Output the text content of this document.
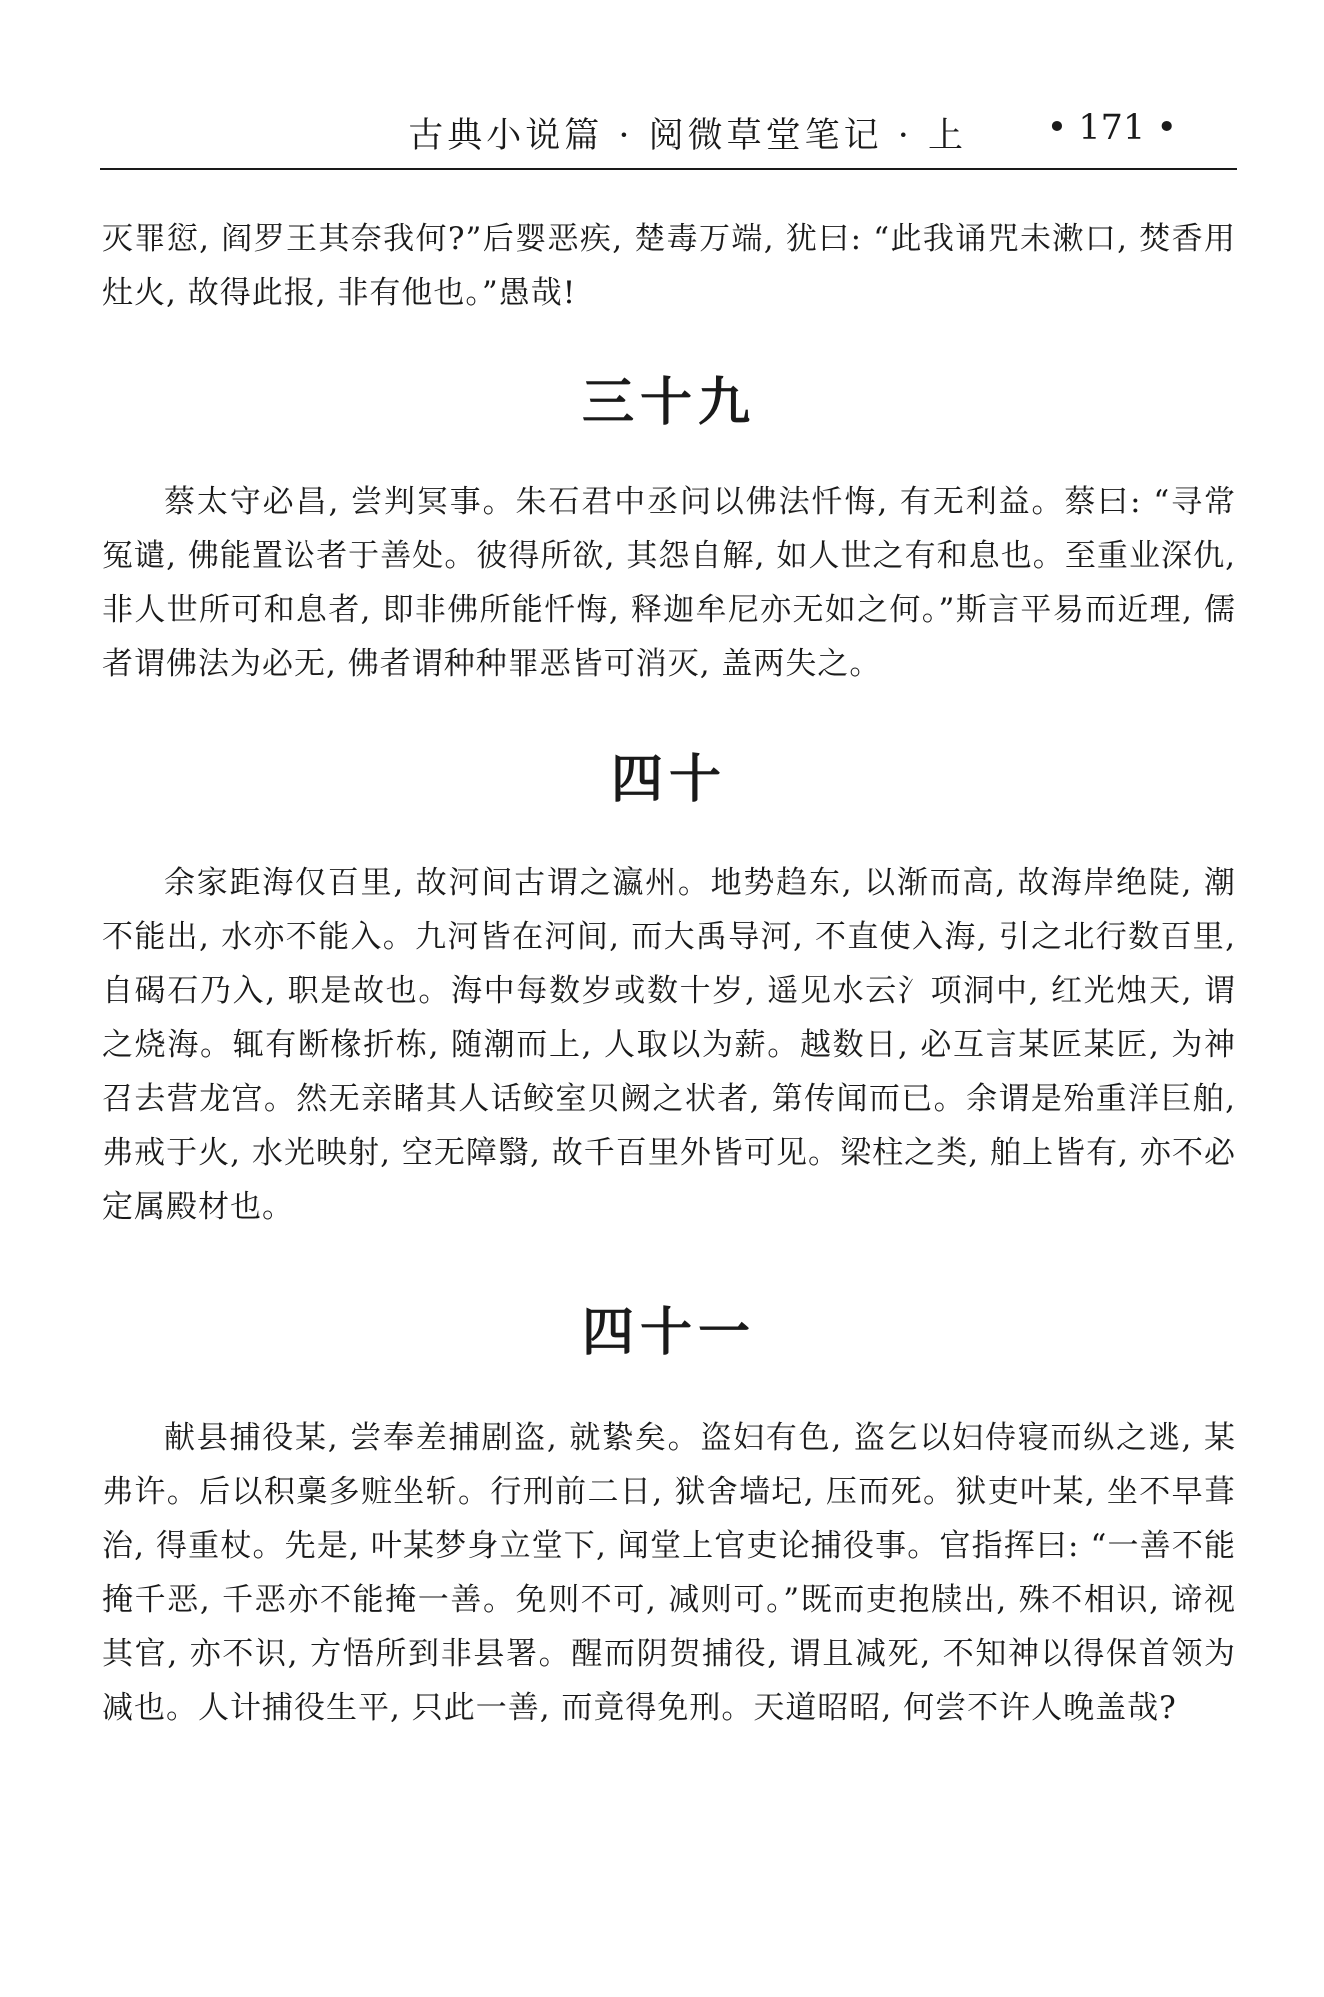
古典小说篇 · 阅微草堂笔记 · 上 • 171 •

灭罪愆, 阎罗王其奈我何?”后婴恶疾, 楚毒万端, 犹曰: “此我诵咒未漱口, 焚香用灶火, 故得此报, 非有他也。”愚哉!

三十九

蔡太守必昌, 尝判冥事。朱石君中丞问以佛法忏悔, 有无利益。蔡曰: “寻常冤谴, 佛能置讼者于善处。彼得所欲, 其怨自解, 如人世之有和息也。至重业深仇, 非人世所可和息者, 即非佛所能忏悔, 释迦牟尼亦无如之何。”斯言平易而近理, 儒者谓佛法为必无, 佛者谓种种罪恶皆可消灭, 盖两失之。

四十

余家距海仅百里, 故河间古谓之瀛州。地势趋东, 以渐而高, 故海岸绝陡, 潮不能出, 水亦不能入。九河皆在河间, 而大禹导河, 不直使入海, 引之北行数百里, 自碣石乃入, 职是故也。海中每数岁或数十岁, 遥见水云氵项洞中, 红光烛天, 谓之烧海。辄有断椽折栋, 随潮而上, 人取以为薪。越数日, 必互言某匠某匠, 为神召去营龙宫。然无亲睹其人话鲛室贝阙之状者, 第传闻而已。余谓是殆重洋巨舶, 弗戒于火, 水光映射, 空无障翳, 故千百里外皆可见。梁柱之类, 舶上皆有, 亦不必定属殿材也。

四十一

献县捕役某, 尝奉差捕剧盗, 就絷矣。盗妇有色, 盗乞以妇侍寝而纵之逃, 某弗许。后以积稾多赃坐斩。行刑前二日, 狱舍墙圮, 压而死。狱吏叶某, 坐不早葺治, 得重杖。先是, 叶某梦身立堂下, 闻堂上官吏论捕役事。官指挥曰: “一善不能掩千恶, 千恶亦不能掩一善。免则不可, 减则可。”既而吏抱牍出, 殊不相识, 谛视其官, 亦不识, 方悟所到非县署。醒而阴贺捕役, 谓且减死, 不知神以得保首领为减也。人计捕役生平, 只此一善, 而竟得免刑。天道昭昭, 何尝不许人晚盖哉?
